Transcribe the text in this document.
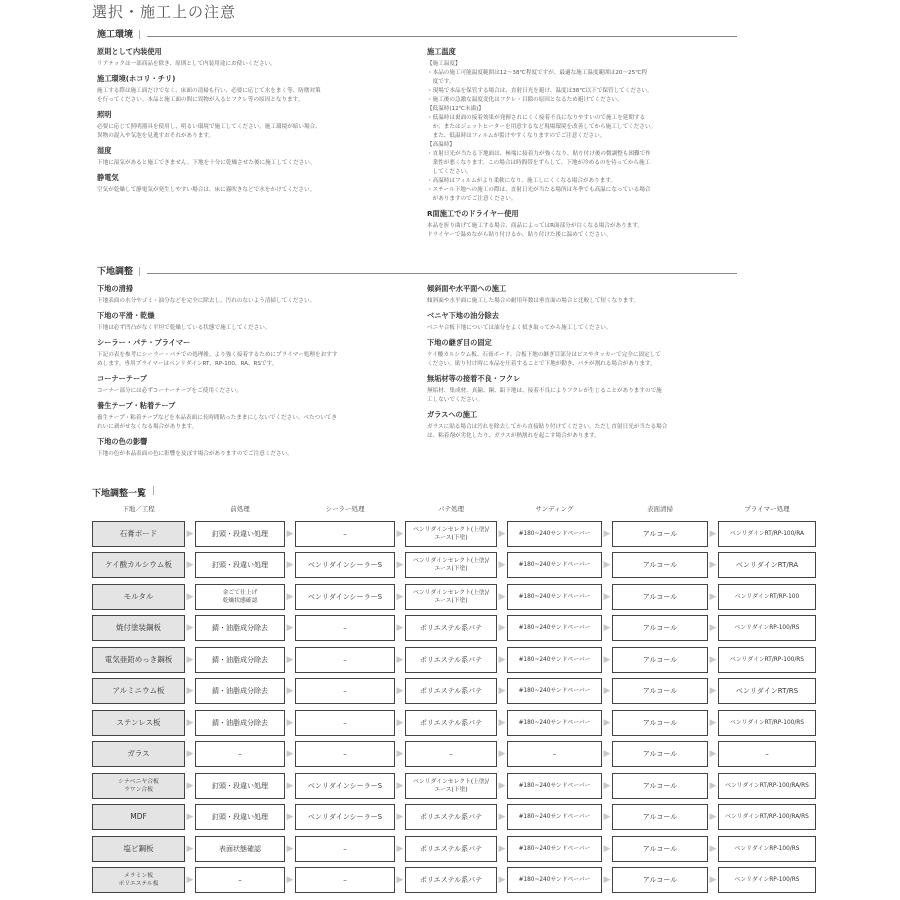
選択・施工上の注意
施工環境 |
原則として内装使用

リアテックは一部商品を除き、原則として内装用途にお使いください。

施工環境(ホコリ・チリ)

施工する際は施工面だけでなく、床面の清掃も行い、必要に応じて水をまく等、防塵対策
を行ってください。本品と施工面の間に異物が入るとフクレ等の原因となります。

照明

必要に応じて照明器具を使用し、明るい環境で施工してください。施工環境が暗い場合、
異物の混入や気泡を見逃すおそれがあります。

湿度

下地に湿気があると施工できません。下地を十分に乾燥させた後に施工してください。

静電気

空気が乾燥して静電気が発生しやすい場合は、床に霧吹きなどで水をかけてください。

施工温度

【施工温度】
・本品の施工可能温度範囲は12～38℃程度ですが、最適な施工温度範囲は20～25℃程
　度です。
・現場で本品を保管する場合は、直射日光を避け、温度は38℃以下で保管してください。
・施工後の急激な温度変化はフクレ・目隙の原因となるため避けてください。
【低温時(12℃未満)】
・低温時は裏面の接着効果が発揮されにくく接着不良になりやすいので施工を延期する
　か、またはジェットヒーターを用意するなど現場環境を改善してから施工してください。
　また、低温時はフィルムが裂けやすくなりますのでご注意ください。
【高温時】
・直射日光が当たる下地面は、極端に接着力が強くなり、貼り付け後の微調整も困難で作
　業性が悪くなります。この場合は時間帯をずらして、下地が冷めるのを待ってから施工
　してください。
・高温時はフィルムがより柔軟になり、施工しにくくなる場合があります。
・スチール下地への施工の際は、直射日光が当たる場所は冬季でも高温になっている場合
　がありますのでご注意ください。

R面施工でのドライヤー使用

本品を折り曲げて施工する場合、商品によってはR面部分が白くなる場合があります。
ドライヤーで温めながら貼り付けるか、貼り付けた後に温めてください。

下地調整 |
下地の清掃

下地表面の水分やゴミ・油分などを完全に除去し、汚れのないよう清掃してください。

下地の平滑・乾燥

下地は必ず凹凸がなく平坦で乾燥している状態で施工してください。

シーラー・パテ・プライマー

下記の表を参考にシーラー・パテでの処理後、より強く接着するためにプライマー処理をおすす
めします。専用プライマーはベンリダインRT、RP-100、RA、RSです。

コーナーテープ

コーナー部分には必ずコーナーテープをご使用ください。

養生テープ・粘着テープ

養生テープ・粘着テープなどを本品表面に長時間貼ったままにしないでください。べたついてき
れいに剥がせなくなる場合があります。

下地の色の影響

下地の色が本品表面の色に影響を及ぼす場合がありますのでご注意ください。

傾斜面や水平面への施工

傾斜面や水平面に施工した場合の耐用年数は垂直面の場合と比較して短くなります。

ベニヤ下地の油分除去

ベニヤ合板下地については油分をよく拭き取ってから施工してください。

下地の継ぎ目の固定

ケイ酸カルシウム板、石膏ボード、合板下地の継ぎ目部分はビスやタッカーで完全に固定して
ください。貼り付け時に本品を圧着することで下地が動き、パテが割れる場合があります。

無垢材等の接着不良・フクレ

無垢材、集成材、真鍮、銅、鉛下地は、接着不良によりフクレが生じることがありますので施
工しないでください。

ガラスへの施工

ガラスに貼る場合は汚れを除去してから直接貼り付けてください。ただし直射日光が当たる場合
は、粘着剤が劣化したり、ガラスが熱割れを起こす場合があります。

下地調整一覧 |
下地／工程	前処理	シーラー処理	パテ処理	サンディング	表面清掃	プライマー処理
石膏ボード	▶	釘頭・段違い処理 ▶	–	▶ ベンリダインセレクト(上塗)/
エース(下塗)	▶ #180~240サンドペーパー ▶	アルコール	▶ ベンリダインRT/RP-100/RA
ケイ酸カルシウム板 ▶	釘頭・段違い処理 ▶ ベンリダインシーラーS ▶ ベンリダインセレクト(上塗)/
エース(下塗)	▶ #180~240サンドペーパー ▶	アルコール	▶	ベンリダインRT/RA
モルタル	▶	金ごて仕上げ
乾燥状態確認	▶ ベンリダインシーラーS ▶ ベンリダインセレクト(上塗)/
エース(下塗)	▶ #180~240サンドペーパー ▶	アルコール	▶	ベンリダインRT/RP-100
焼付塗装鋼板	▶	錆・油脂成分除去 ▶	–	▶ ポリエステル系パテ ▶ #180~240サンドペーパー ▶	アルコール	▶	ベンリダインRP-100/RS
電気亜鉛めっき鋼板 ▶	錆・油脂成分除去 ▶	–	▶ ポリエステル系パテ ▶ #180~240サンドペーパー ▶	アルコール	▶ ベンリダインRT/RP-100/RS
アルミニウム板 ▶	錆・油脂成分除去 ▶	–	▶ ポリエステル系パテ ▶ #180~240サンドペーパー ▶	アルコール	▶	ベンリダインRT/RS
ステンレス板	▶	錆・油脂成分除去 ▶	–	▶ ポリエステル系パテ ▶ #180~240サンドペーパー ▶	アルコール	▶ ベンリダインRT/RP-100/RS
ガラス	▶	–	▶	–	▶	–	▶	–	▶	アルコール	▶	–
シナベニヤ合板
ラワン合板	▶	釘頭・段違い処理 ▶ ベンリダインシーラーS ▶ ベンリダインセレクト(上塗)/
エース(下塗)	▶ #180~240サンドペーパー ▶	アルコール	▶ ベンリダインRT/RP-100/RA/RS
MDF	▶	釘頭・段違い処理 ▶ ベンリダインシーラーS ▶ ポリエステル系パテ ▶ #180~240サンドペーパー ▶	アルコール	▶ ベンリダインRT/RP-100/RA/RS
塩ビ鋼板	▶	表面状態確認	▶	–	▶ ポリエステル系パテ ▶ #180~240サンドペーパー ▶	アルコール	▶	ベンリダインRP-100/RS
メラミン板
ポリエステル板	▶	–	▶	–	▶ ポリエステル系パテ ▶ #180~240サンドペーパー ▶	アルコール	▶	ベンリダインRP-100/RS
